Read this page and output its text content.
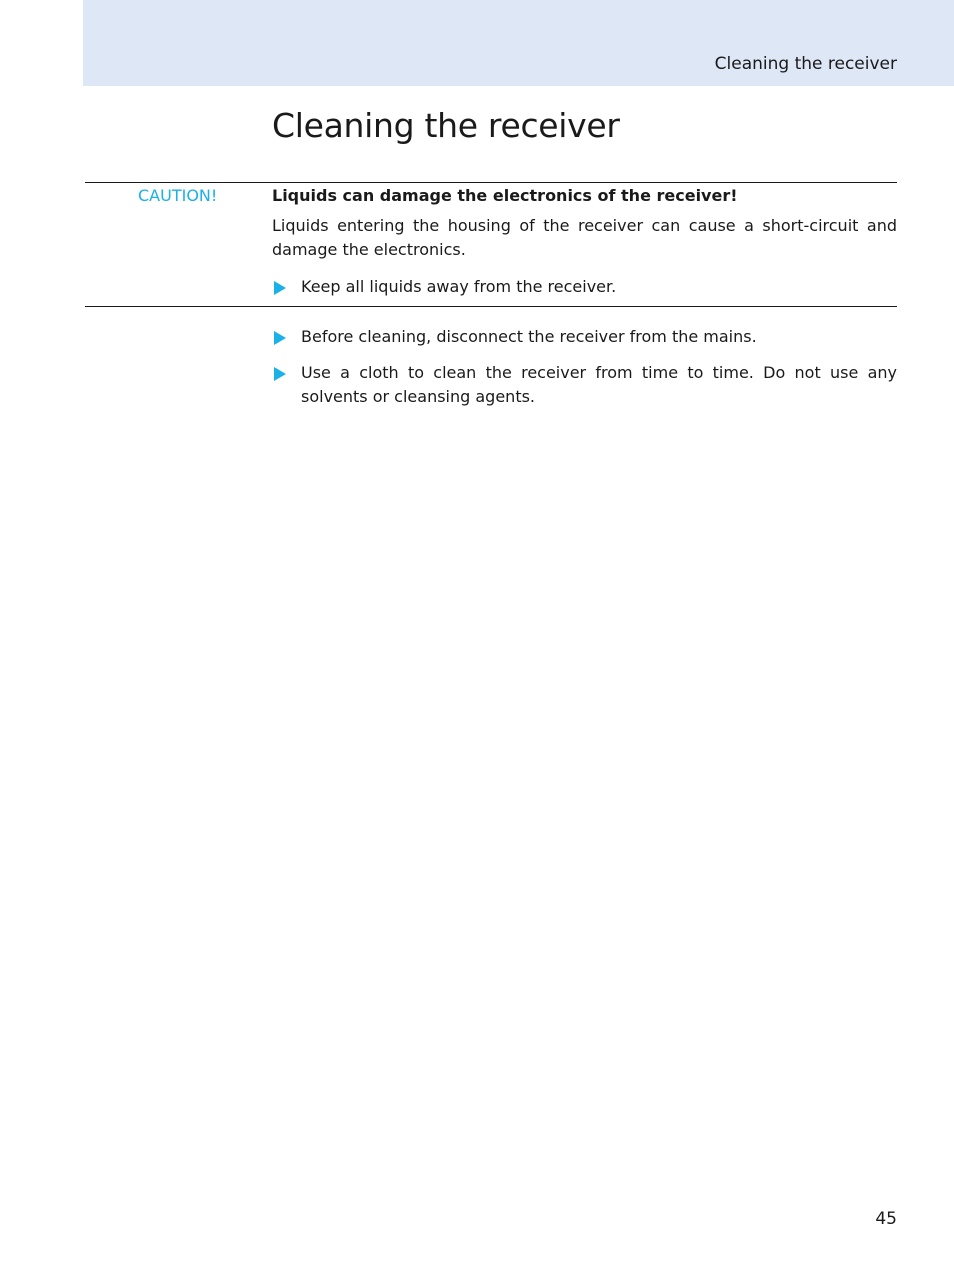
Cleaning the receiver
Cleaning the receiver
CAUTION!	Liquids can damage the electronics of the receiver!
Liquids entering the housing of the receiver can cause a short-circuit and damage the electronics.
Keep all liquids away from the receiver.
Before cleaning, disconnect the receiver from the mains.
Use a cloth to clean the receiver from time to time. Do not use any solvents or cleansing agents.
45
